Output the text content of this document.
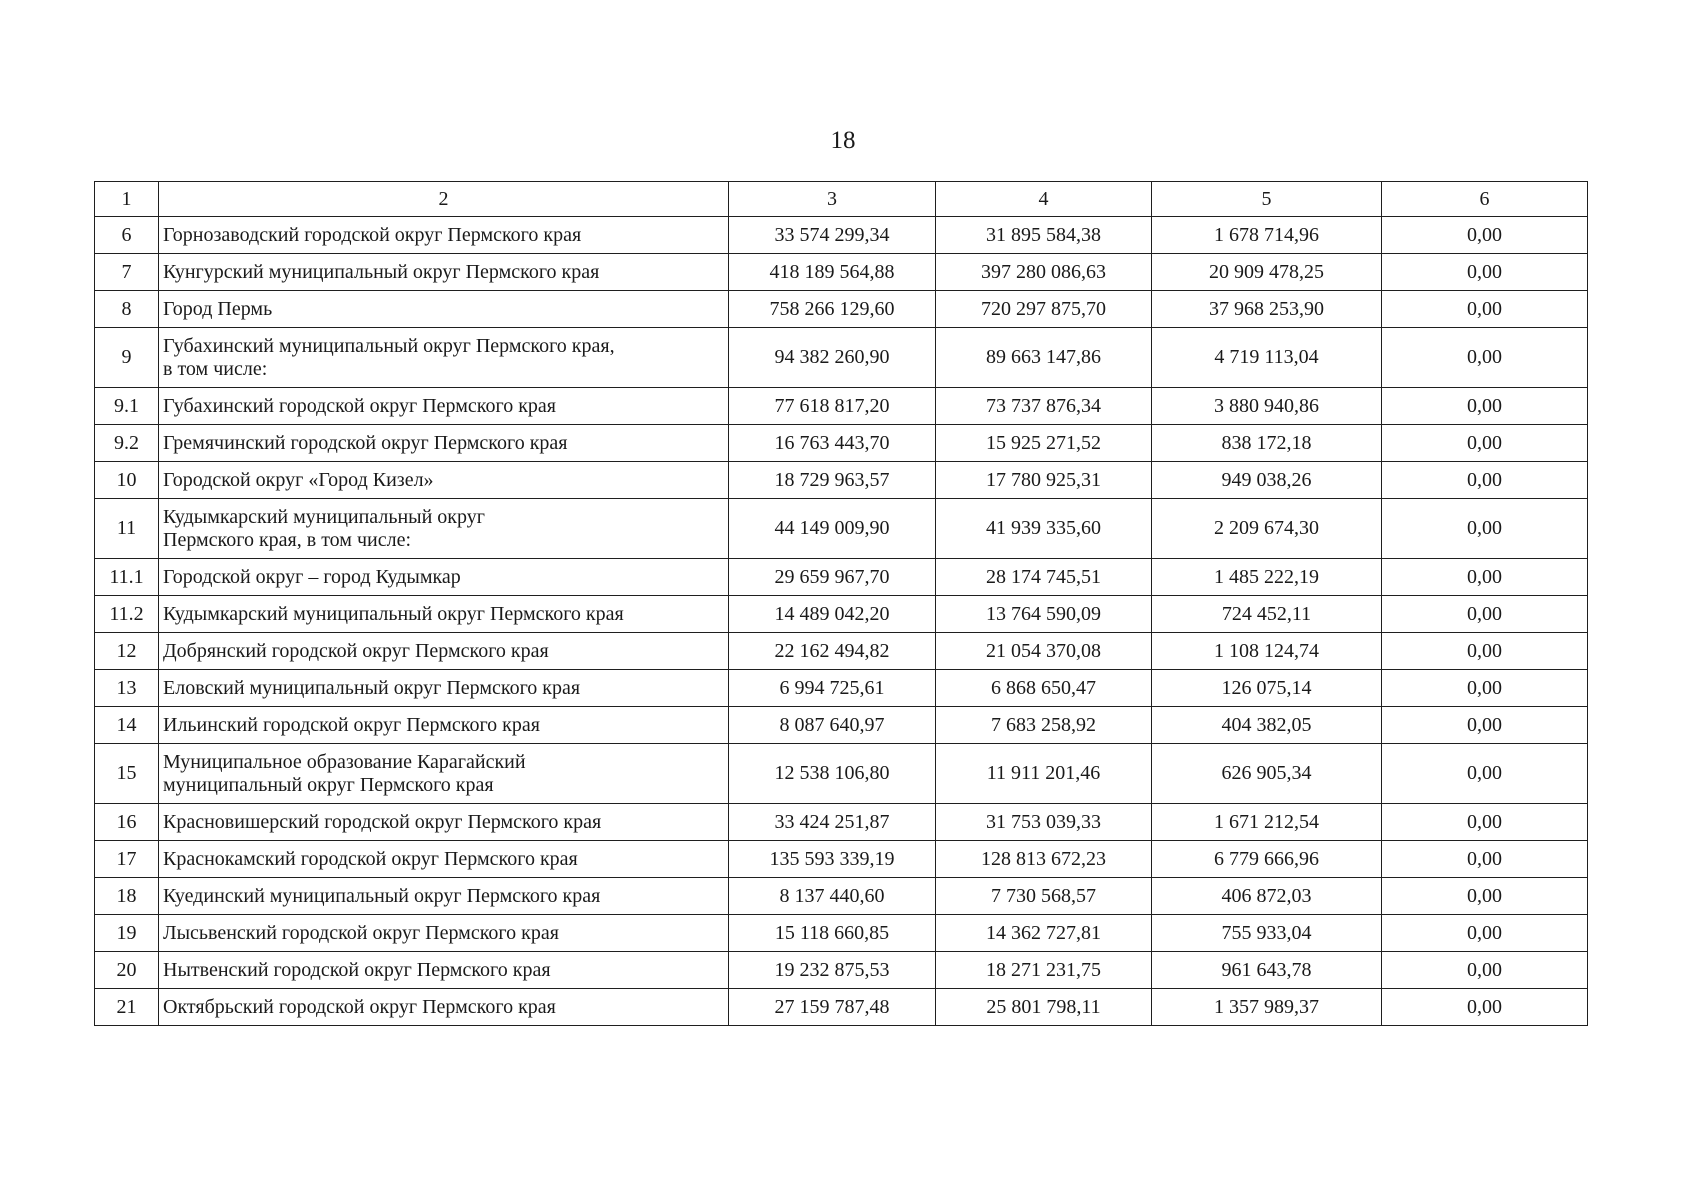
18
1	2	3	4	5	6
6	Горнозаводский городской округ Пермского края	33 574 299,34	31 895 584,38	1 678 714,96	0,00
7	Кунгурский муниципальный округ Пермского края	418 189 564,88	397 280 086,63	20 909 478,25	0,00
8	Город Пермь	758 266 129,60	720 297 875,70	37 968 253,90	0,00
9	Губахинский муниципальный округ Пермского края,
в том числе:	94 382 260,90	89 663 147,86	4 719 113,04	0,00
9.1	Губахинский городской округ Пермского края	77 618 817,20	73 737 876,34	3 880 940,86	0,00
9.2	Гремячинский городской округ Пермского края	16 763 443,70	15 925 271,52	838 172,18	0,00
10	Городской округ «Город Кизел»	18 729 963,57	17 780 925,31	949 038,26	0,00
11	Кудымкарский муниципальный округ
Пермского края, в том числе:	44 149 009,90	41 939 335,60	2 209 674,30	0,00
11.1	Городской округ – город Кудымкар	29 659 967,70	28 174 745,51	1 485 222,19	0,00
11.2	Кудымкарский муниципальный округ Пермского края	14 489 042,20	13 764 590,09	724 452,11	0,00
12	Добрянский городской округ Пермского края	22 162 494,82	21 054 370,08	1 108 124,74	0,00
13	Еловский муниципальный округ Пермского края	6 994 725,61	6 868 650,47	126 075,14	0,00
14	Ильинский городской округ Пермского края	8 087 640,97	7 683 258,92	404 382,05	0,00
15	Муниципальное образование Карагайский
муниципальный округ Пермского края	12 538 106,80	11 911 201,46	626 905,34	0,00
16	Красновишерский городской округ Пермского края	33 424 251,87	31 753 039,33	1 671 212,54	0,00
17	Краснокамский городской округ Пермского края	135 593 339,19	128 813 672,23	6 779 666,96	0,00
18	Куединский муниципальный округ Пермского края	8 137 440,60	7 730 568,57	406 872,03	0,00
19	Лысьвенский городской округ Пермского края	15 118 660,85	14 362 727,81	755 933,04	0,00
20	Нытвенский городской округ Пермского края	19 232 875,53	18 271 231,75	961 643,78	0,00
21	Октябрьский городской округ Пермского края	27 159 787,48	25 801 798,11	1 357 989,37	0,00
